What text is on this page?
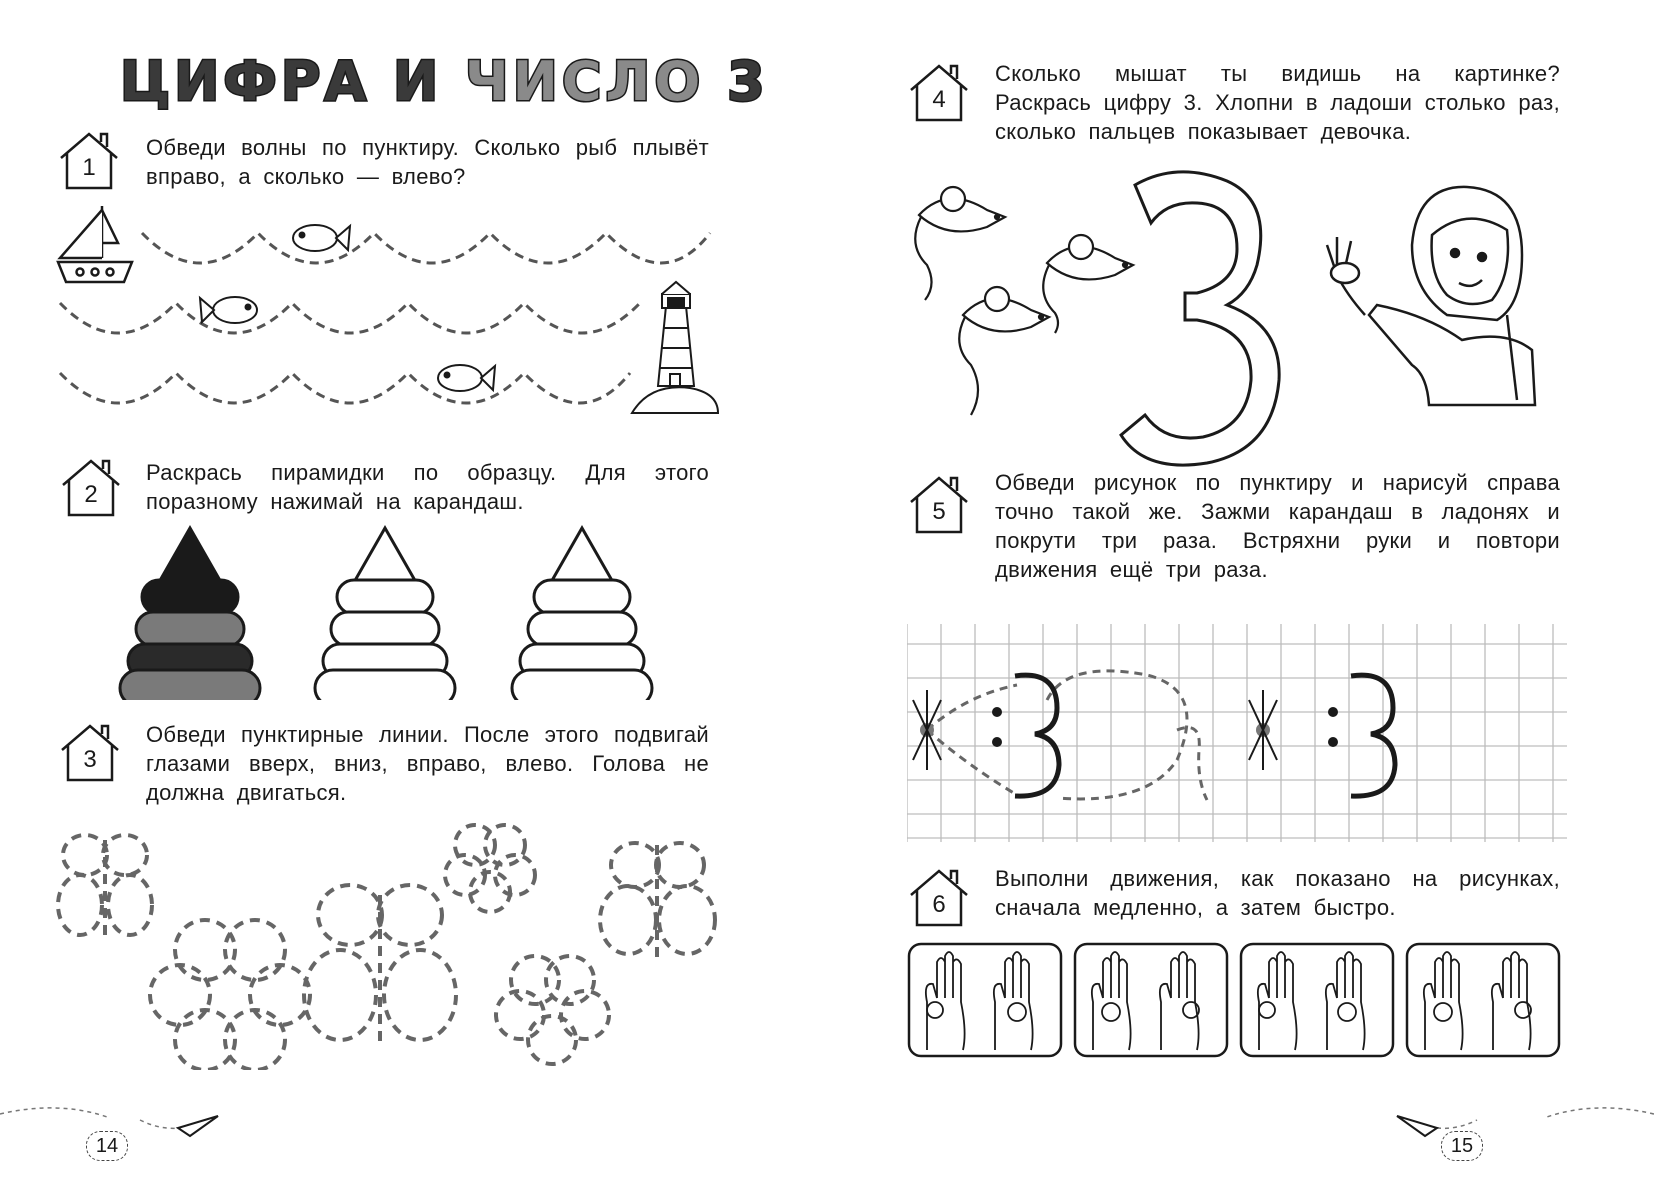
ЦИФРА И ЧИСЛО 3
1

Обведи волны по пунктиру. Сколько рыб плывёт вправо, а сколько — влево?

2

Раскрась пирамидки по образцу. Для этого поразному нажимай на карандаш.

3

Обведи пунктирные линии. После этого подвигай глазами вверх, вниз, вправо, влево. Голова не должна двигаться.

14
4

Сколько мышат ты видишь на картинке? Раскрась цифру 3. Хлопни в ладоши столько раз, сколько пальцев показывает девочка.

5

Обведи рисунок по пунктиру и нарисуй справа точно такой же. Зажми карандаш в ладонях и покрути три раза. Встряхни руки и повтори движения ещё три раза.

6

Выполни движения, как показано на рисунках, сначала медленно, а затем быстро.

15
